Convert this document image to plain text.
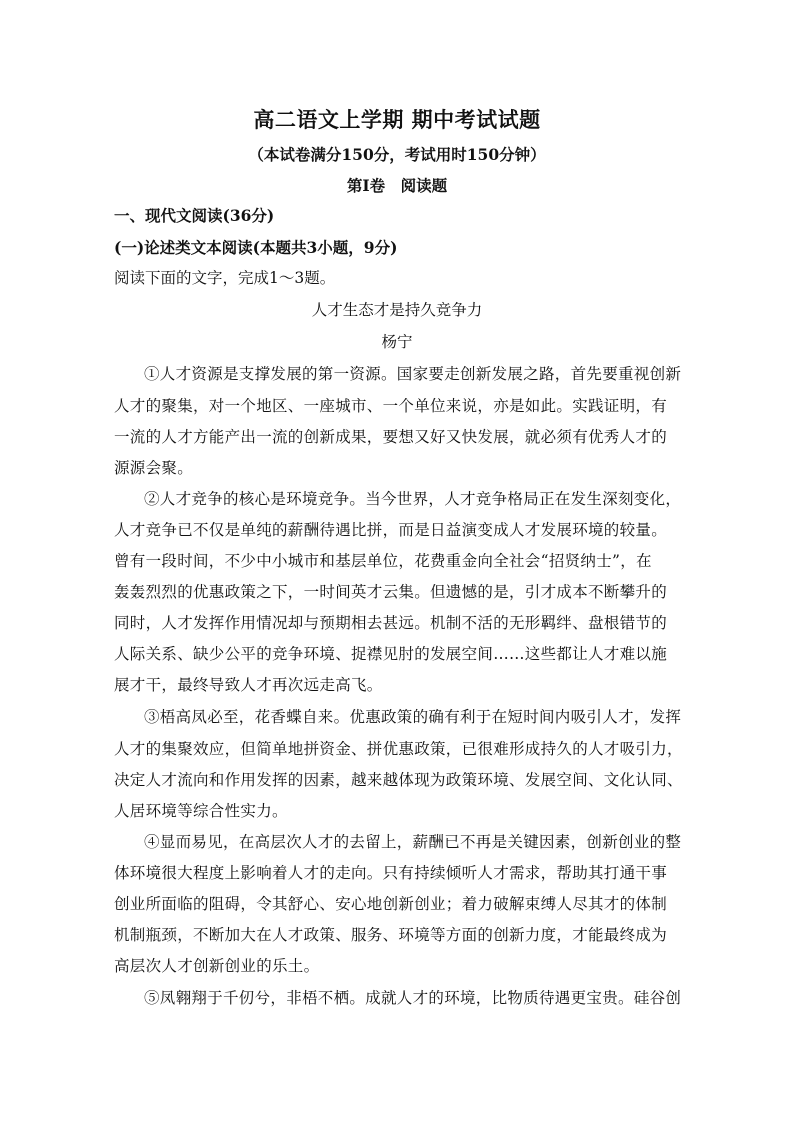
高二语文上学期 期中考试试题
（本试卷满分150分，考试用时150分钟）
第Ⅰ卷　阅读题
一、现代文阅读(36分)
(一)论述类文本阅读(本题共3小题，9分)
阅读下面的文字，完成1～3题。
人才生态才是持久竞争力
杨宁
①人才资源是支撑发展的第一资源。国家要走创新发展之路，首先要重视创新
人才的聚集，对一个地区、一座城市、一个单位来说，亦是如此。实践证明，有
一流的人才方能产出一流的创新成果，要想又好又快发展，就必须有优秀人才的
源源会聚。
②人才竞争的核心是环境竞争。当今世界，人才竞争格局正在发生深刻变化，
人才竞争已不仅是单纯的薪酬待遇比拼，而是日益演变成人才发展环境的较量。
曾有一段时间，不少中小城市和基层单位，花费重金向全社会“招贤纳士”，在
轰轰烈烈的优惠政策之下，一时间英才云集。但遗憾的是，引才成本不断攀升的
同时，人才发挥作用情况却与预期相去甚远。机制不活的无形羁绊、盘根错节的
人际关系、缺少公平的竞争环境、捉襟见肘的发展空间……这些都让人才难以施
展才干，最终导致人才再次远走高飞。
③梧高凤必至，花香蝶自来。优惠政策的确有利于在短时间内吸引人才，发挥
人才的集聚效应，但简单地拼资金、拼优惠政策，已很难形成持久的人才吸引力，
决定人才流向和作用发挥的因素，越来越体现为政策环境、发展空间、文化认同、
人居环境等综合性实力。
④显而易见，在高层次人才的去留上，薪酬已不再是关键因素，创新创业的整
体环境很大程度上影响着人才的走向。只有持续倾听人才需求，帮助其打通干事
创业所面临的阻碍，令其舒心、安心地创新创业；着力破解束缚人尽其才的体制
机制瓶颈，不断加大在人才政策、服务、环境等方面的创新力度，才能最终成为
高层次人才创新创业的乐土。
⑤凤翱翔于千仞兮，非梧不栖。成就人才的环境，比物质待遇更宝贵。硅谷创
